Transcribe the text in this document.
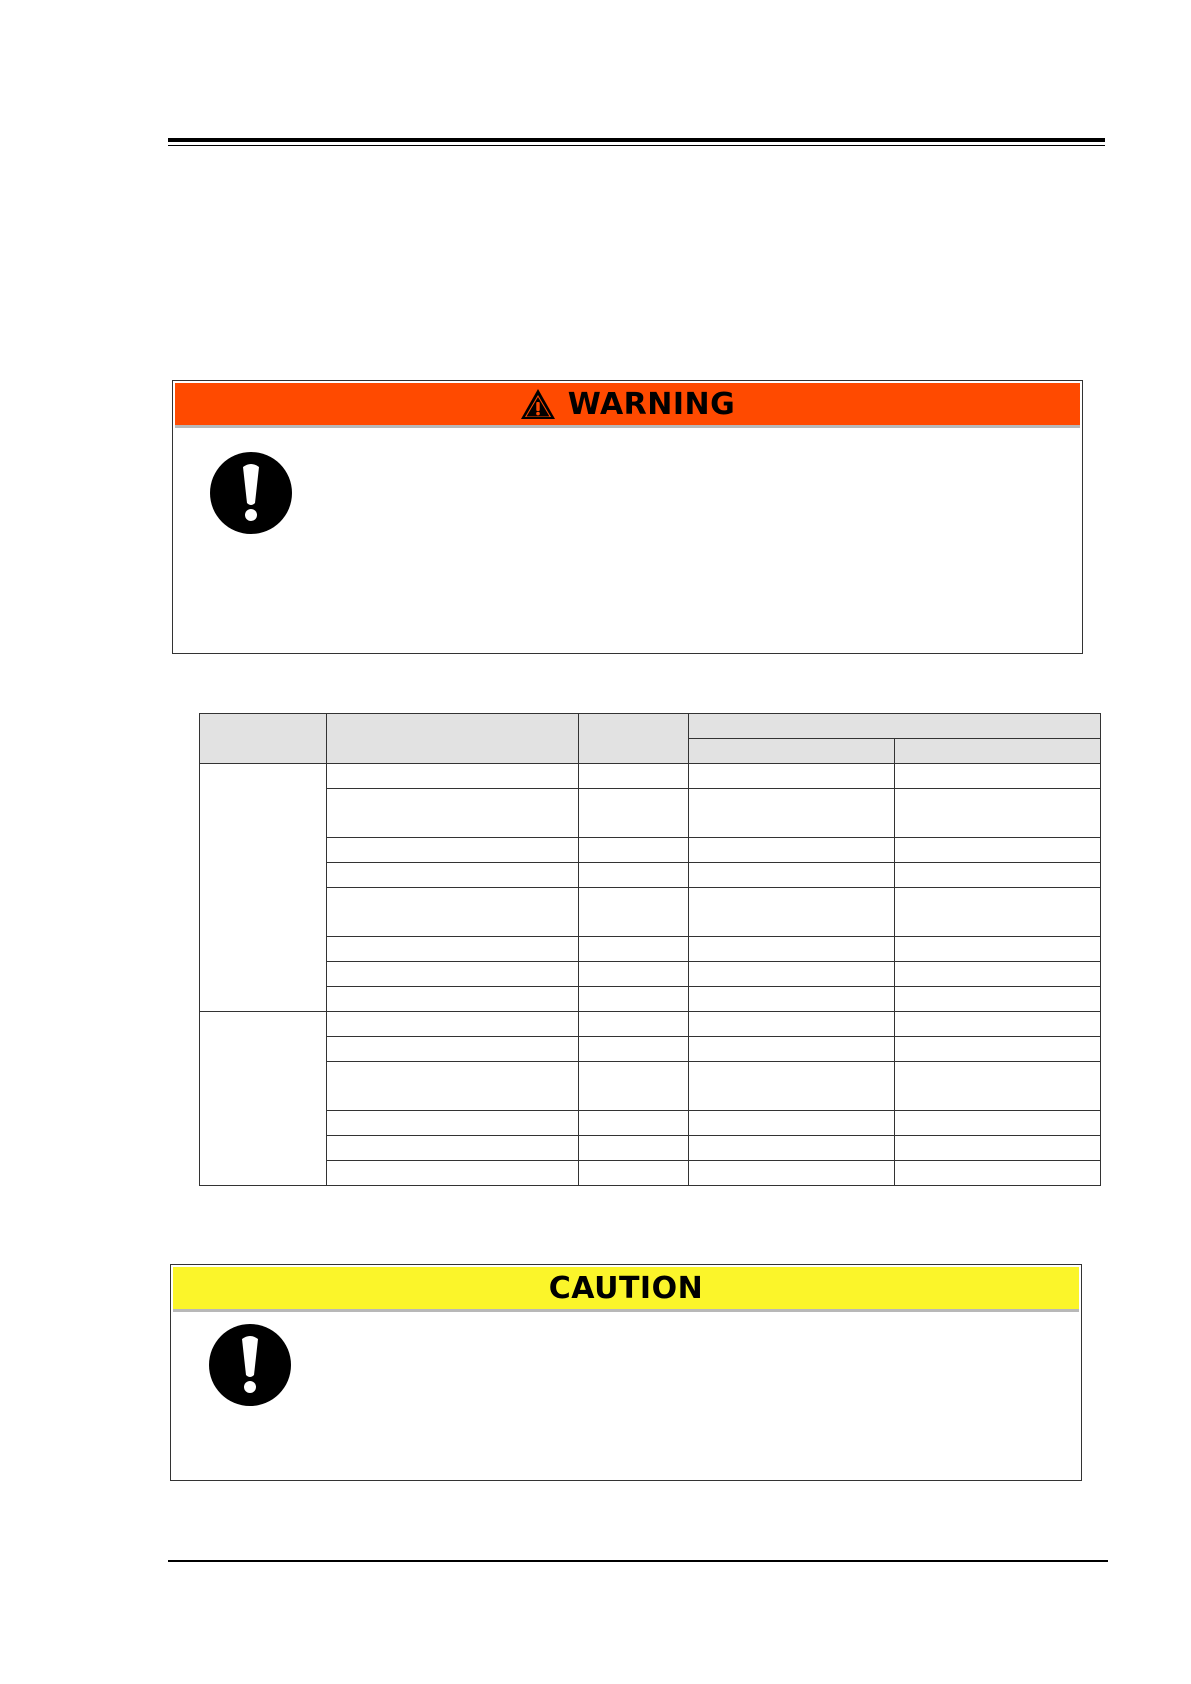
WARNING

CAUTION
